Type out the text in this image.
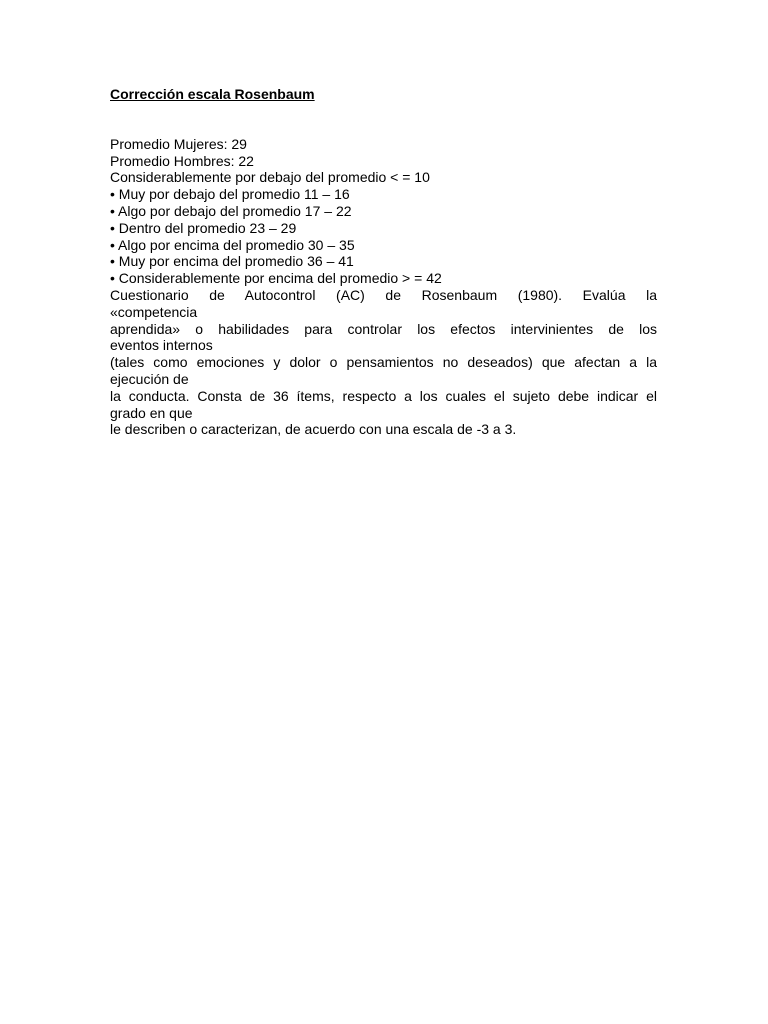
Corrección escala Rosenbaum
Promedio Mujeres: 29
Promedio Hombres: 22
Considerablemente por debajo del promedio < = 10
• Muy por debajo del promedio 11 – 16
• Algo por debajo del promedio 17 – 22
• Dentro del promedio 23 – 29
• Algo por encima del promedio 30 – 35
• Muy por encima del promedio 36 – 41
• Considerablemente por encima del promedio > = 42
Cuestionario de Autocontrol (AC) de Rosenbaum (1980). Evalúa la
«competencia
aprendida» o habilidades para controlar los efectos intervinientes de los
eventos internos
(tales como emociones y dolor o pensamientos no deseados) que afectan a la
ejecución de
la conducta. Consta de 36 ítems, respecto a los cuales el sujeto debe indicar el
grado en que
le describen o caracterizan, de acuerdo con una escala de -3 a 3.
